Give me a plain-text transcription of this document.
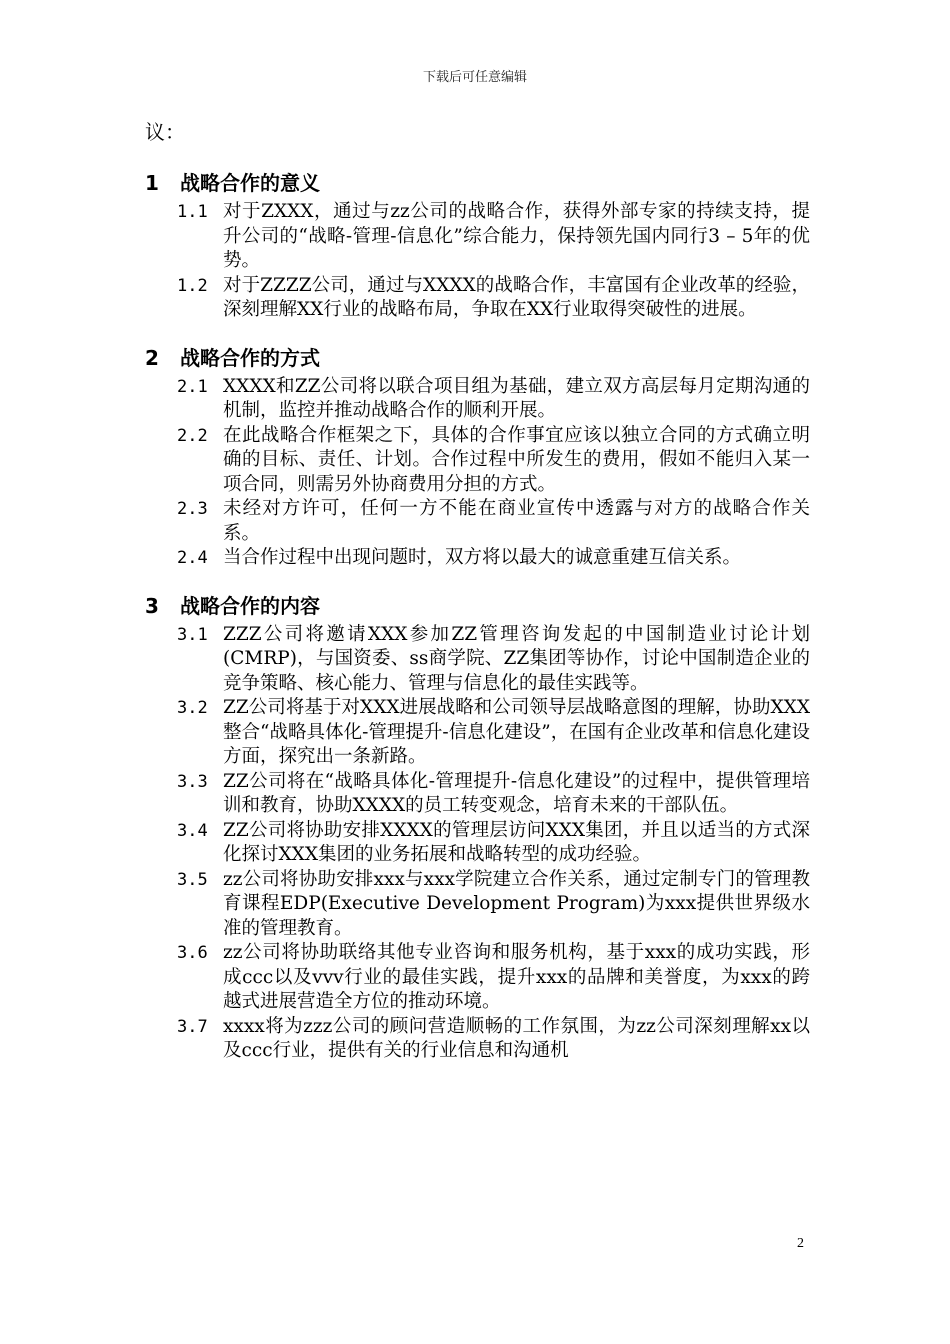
下载后可任意编辑
议：
1	战略合作的意义
1.1 对于ZXXX，通过与zz公司的战略合作，获得外部专家的持续支持，提升公司的“战略-管理-信息化”综合能力，保持领先国内同行3 – 5年的优势。
1.2 对于ZZZZ公司，通过与XXXX的战略合作，丰富国有企业改革的经验，深刻理解XX行业的战略布局，争取在XX行业取得突破性的进展。
2	战略合作的方式
2.1 XXXX和ZZ公司将以联合项目组为基础，建立双方高层每月定期沟通的机制，监控并推动战略合作的顺利开展。
2.2 在此战略合作框架之下，具体的合作事宜应该以独立合同的方式确立明确的目标、责任、计划。合作过程中所发生的费用，假如不能归入某一项合同，则需另外协商费用分担的方式。
2.3 未经对方许可，任何一方不能在商业宣传中透露与对方的战略合作关系。
2.4 当合作过程中出现问题时，双方将以最大的诚意重建互信关系。
3	战略合作的内容
3.1 ZZZ公司将邀请XXX参加ZZ管理咨询发起的中国制造业讨论计划(CMRP)，与国资委、ss商学院、ZZ集团等协作，讨论中国制造企业的竞争策略、核心能力、管理与信息化的最佳实践等。
3.2 ZZ公司将基于对XXX进展战略和公司领导层战略意图的理解，协助XXX整合“战略具体化-管理提升-信息化建设”，在国有企业改革和信息化建设方面，探究出一条新路。
3.3 ZZ公司将在“战略具体化-管理提升-信息化建设”的过程中，提供管理培训和教育，协助XXXX的员工转变观念，培育未来的干部队伍。
3.4 ZZ公司将协助安排XXXX的管理层访问XXX集团，并且以适当的方式深化探讨XXX集团的业务拓展和战略转型的成功经验。
3.5 zz公司将协助安排xxx与xxx学院建立合作关系，通过定制专门的管理教育课程EDP(Executive Development Program)为xxx提供世界级水准的管理教育。
3.6 zz公司将协助联络其他专业咨询和服务机构，基于xxx的成功实践，形成ccc以及vvv行业的最佳实践，提升xxx的品牌和美誉度，为xxx的跨越式进展营造全方位的推动环境。
3.7 xxxx将为zzz公司的顾问营造顺畅的工作氛围，为zz公司深刻理解xx以及ccc行业，提供有关的行业信息和沟通机
2
